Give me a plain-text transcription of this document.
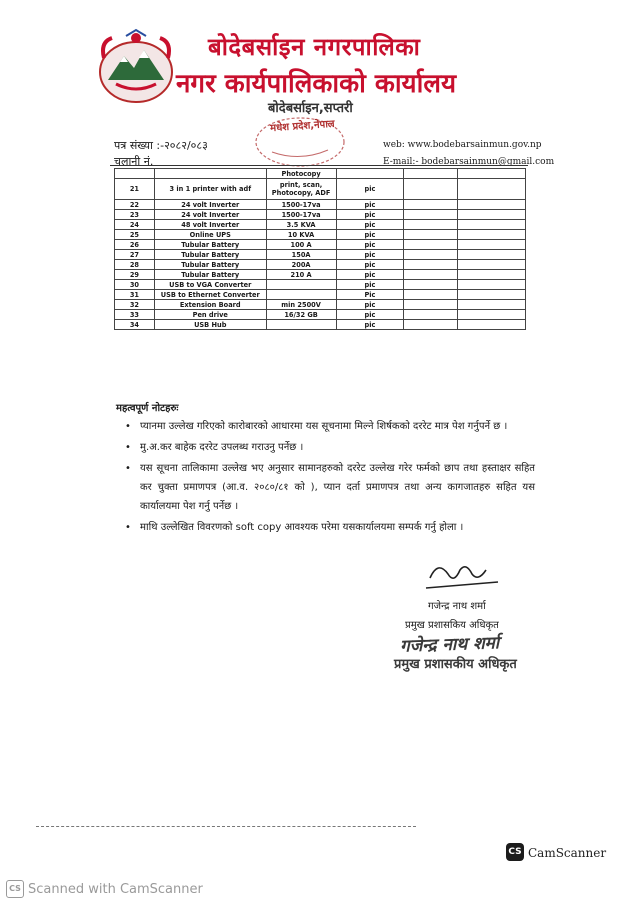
बोदेबर्साइन नगरपालिका
नगर कार्यपालिकाको कार्यालय
बोदेबर्साइन,सप्तरी
मधेश प्रदेश,नेपाल
पत्र संख्या :-२०८२/०८३
चलानी नं.
web: www.bodebarsainmun.gov.np
E-mail:- bodebarsainmun@gmail.com
		Photocopy			
21	3 in 1 printer with adf	print, scan, Photocopy, ADF	pic		
22	24 volt Inverter	1500-17va	pic		
23	24 volt Inverter	1500-17va	pic		
24	48 volt Inverter	3.5 KVA	pic		
25	Online UPS	10 KVA	pic		
26	Tubular Battery	100 A	pic		
27	Tubular Battery	150A	pic		
28	Tubular Battery	200A	pic		
29	Tubular Battery	210 A	pic		
30	USB to VGA Converter		pic		
31	USB to Ethernet Converter		Pic		
32	Extension Board	min 2500V	pic		
33	Pen drive	16/32 GB	pic		
34	USB Hub		pic		
महत्वपूर्ण नोटहरुः
• प्यानमा उल्लेख गरिएको कारोबारको आधारमा यस सूचनामा मिल्ने शिर्षकको दररेट मात्र पेश गर्नुपर्ने छ ।
• मु.अ.कर बाहेक दररेट उपलब्ध गराउनु पर्नेछ ।
• यस सूचना तालिकामा उल्लेख भए अनुसार सामानहरुको दररेट उल्लेख गरेर फर्मको छाप तथा हस्ताक्षर सहित कर चुक्ता प्रमाणपत्र (आ.व. २०८०/८१ को ), प्यान दर्ता प्रमाणपत्र तथा अन्य कागजातहरु सहित यस कार्यालयमा पेश गर्नु पर्नेछ ।
• माथि उल्लेखित विवरणको soft copy आवश्यक परेमा यसकार्यालयमा सम्पर्क गर्नु होला ।
गजेन्द्र नाथ शर्मा
प्रमुख प्रशासकिय अधिकृत
गजेन्द्र नाथ शर्मा
प्रमुख प्रशासकीय अधिकृत
CS CamScanner
CS Scanned with CamScanner
